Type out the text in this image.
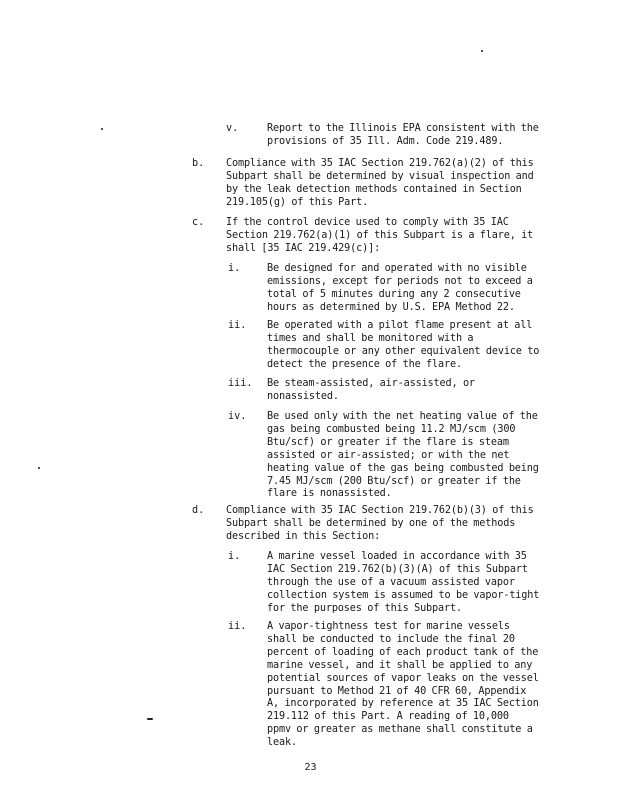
v.	Report to the Illinois EPA consistent with the
provisions of 35 Ill. Adm. Code 219.489.
b. Compliance with 35 IAC Section 219.762(a)(2) of this
Subpart shall be determined by visual inspection and
by the leak detection methods contained in Section
219.105(g) of this Part.
c. If the control device used to comply with 35 IAC
Section 219.762(a)(1) of this Subpart is a flare, it
shall [35 IAC 219.429(c)]:
i.	Be designed for and operated with no visible
emissions, except for periods not to exceed a
total of 5 minutes during any 2 consecutive
hours as determined by U.S. EPA Method 22.
ii. Be operated with a pilot flame present at all
times and shall be monitored with a
thermocouple or any other equivalent device to
detect the presence of the flare.
iii. Be steam-assisted, air-assisted, or
nonassisted.
iv. Be used only with the net heating value of the
gas being combusted being 11.2 MJ/scm (300
Btu/scf) or greater if the flare is steam
assisted or air-assisted; or with the net
heating value of the gas being combusted being
7.45 MJ/scm (200 Btu/scf) or greater if the
flare is nonassisted.
d. Compliance with 35 IAC Section 219.762(b)(3) of this
Subpart shall be determined by one of the methods
described in this Section:
i.	A marine vessel loaded in accordance with 35
IAC Section 219.762(b)(3)(A) of this Subpart
through the use of a vacuum assisted vapor
collection system is assumed to be vapor-tight
for the purposes of this Subpart.
ii. A vapor-tightness test for marine vessels
shall be conducted to include the final 20
percent of loading of each product tank of the
marine vessel, and it shall be applied to any
potential sources of vapor leaks on the vessel
pursuant to Method 21 of 40 CFR 60, Appendix
A, incorporated by reference at 35 IAC Section
219.112 of this Part. A reading of 10,000
ppmv or greater as methane shall constitute a
leak.
23
